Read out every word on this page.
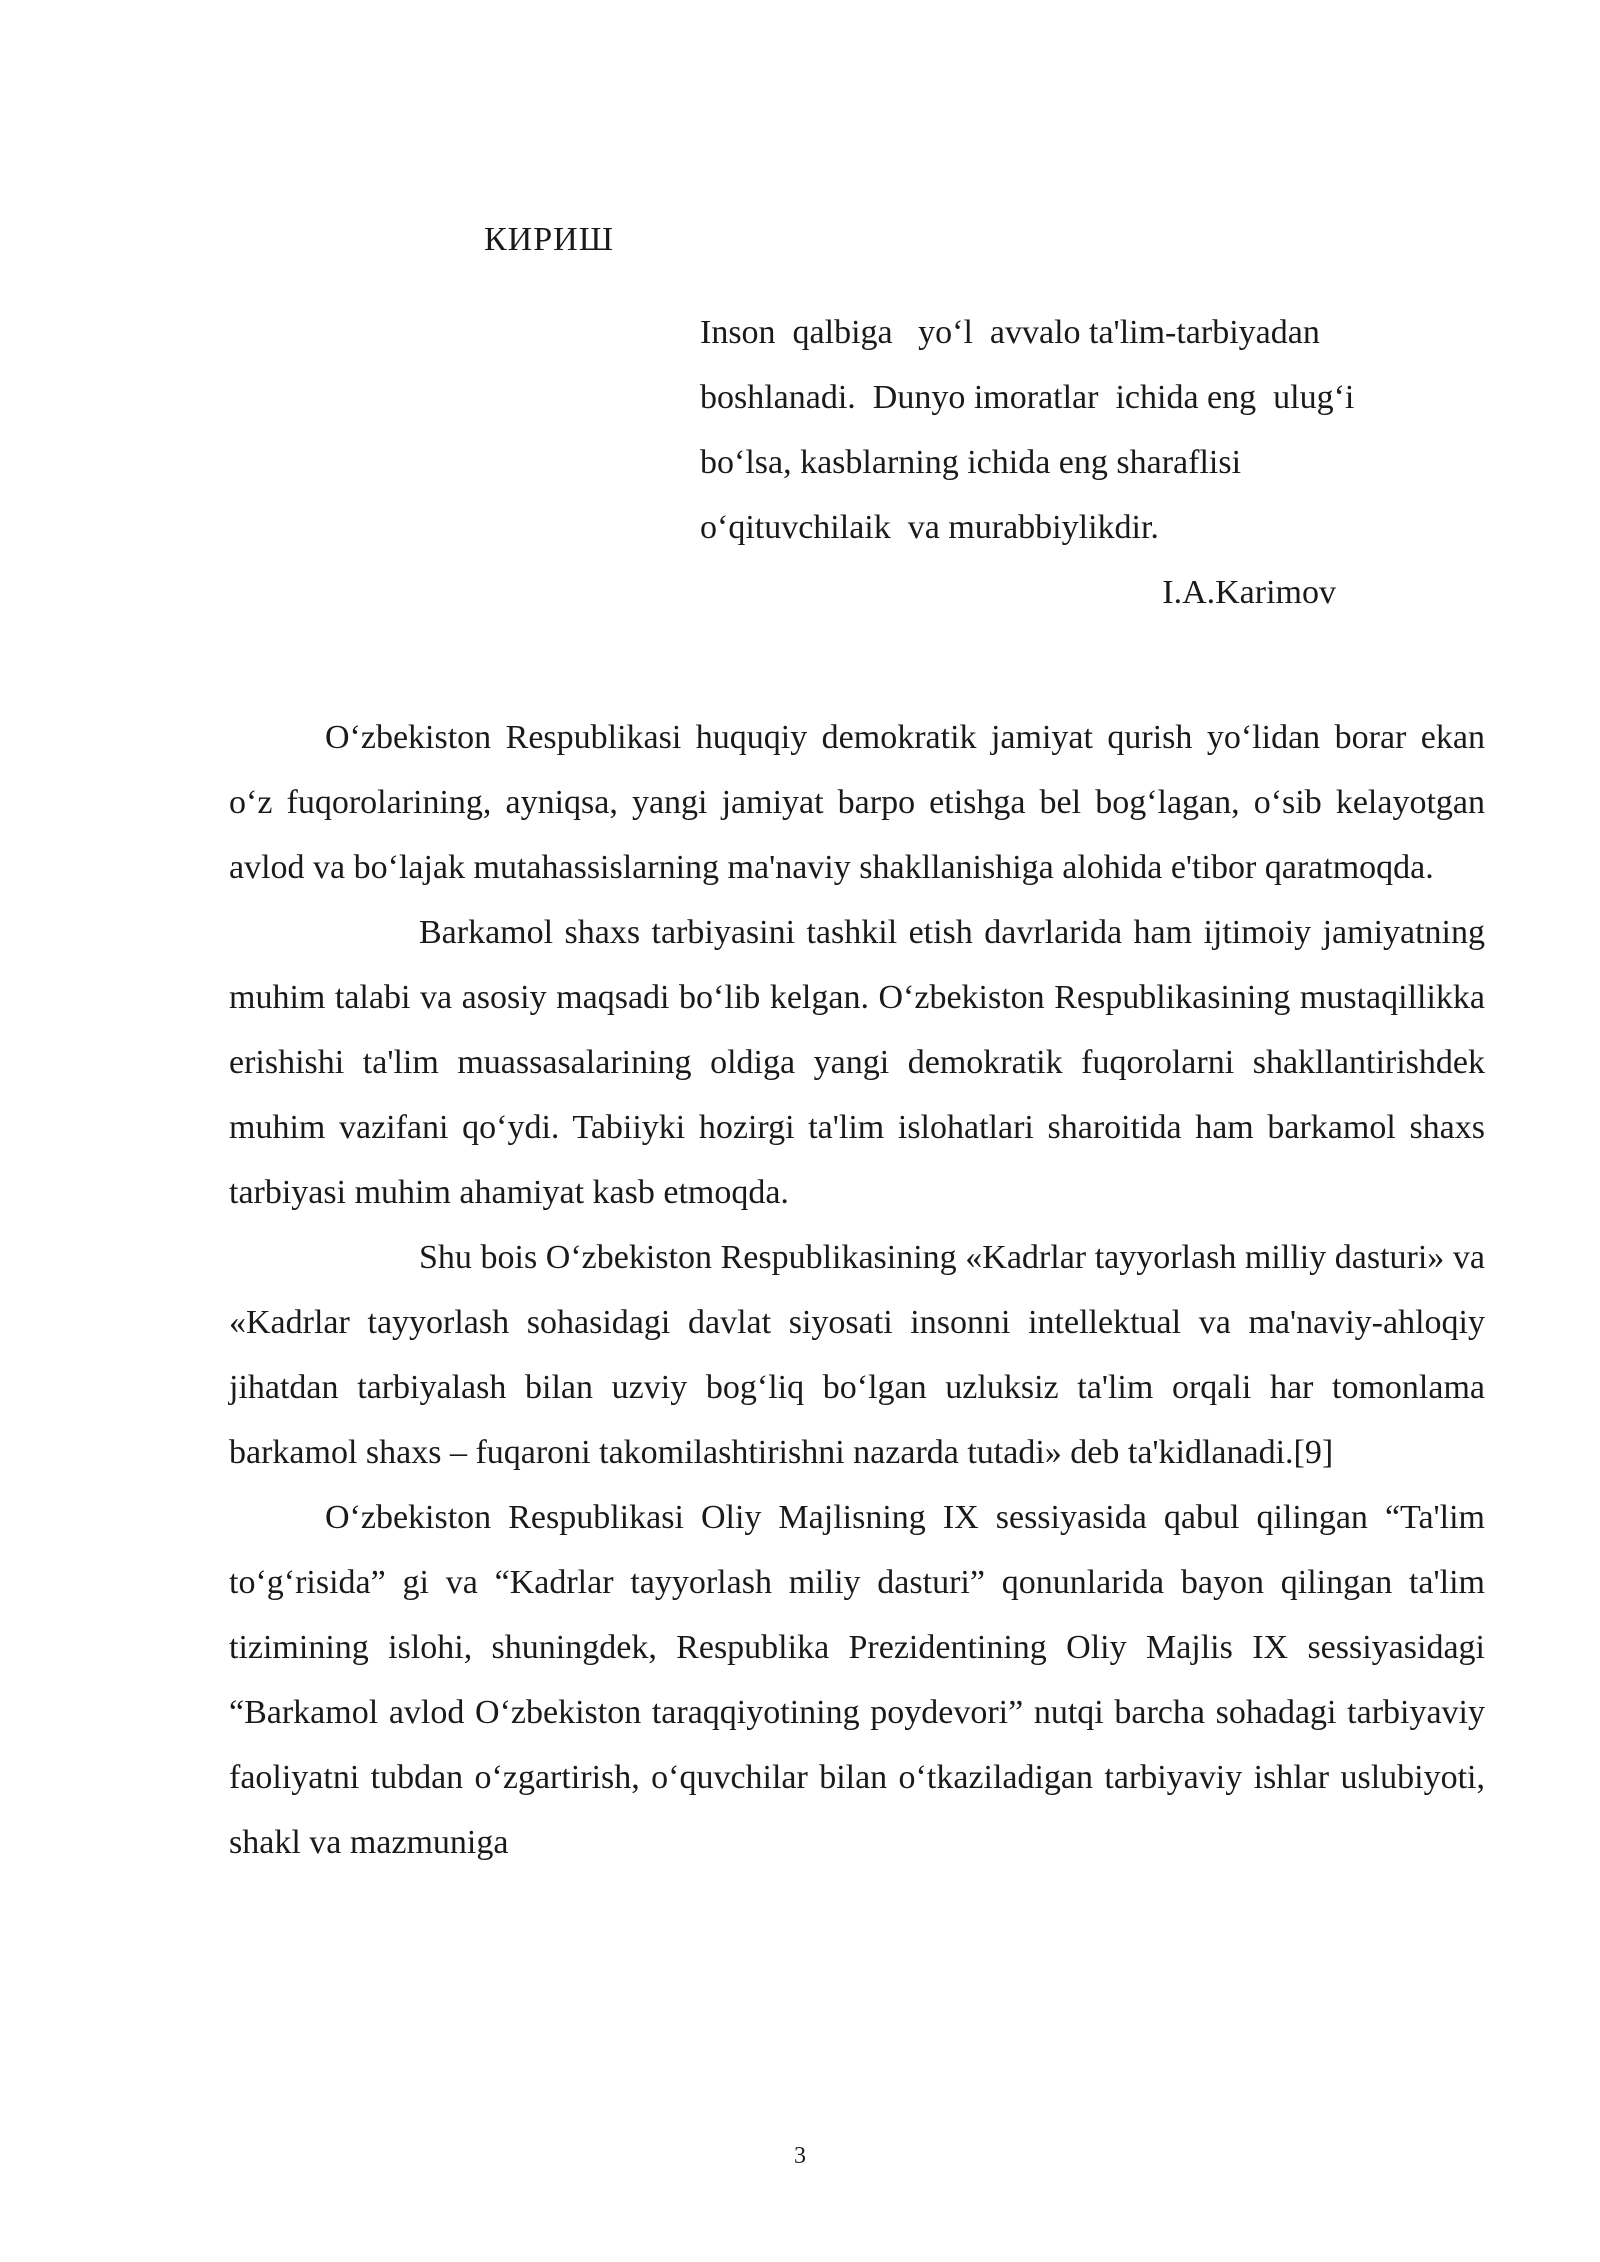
КИРИШ
Inson  qalbiga   yo‘l  avvalo ta'lim-tarbiyadan
boshlanadi.  Dunyo imoratlar  ichida eng  ulug‘i
bo‘lsa, kasblarning ichida eng sharaflisi
o‘qituvchilaik  va murabbiylikdir.
I.A.Karimov

O‘zbekiston Respublikasi huquqiy demokratik jamiyat qurish yo‘lidan borar ekan o‘z fuqorolarining, ayniqsa, yangi jamiyat barpo etishga bel bog‘lagan, o‘sib kelayotgan avlod va bo‘lajak mutahassislarning ma'naviy shakllanishiga alohida e'tibor qaratmoqda.

Barkamol shaxs tarbiyasini tashkil etish davrlarida ham ijtimoiy jamiyatning muhim talabi va asosiy maqsadi bo‘lib kelgan. O‘zbekiston Respublikasining mustaqillikka erishishi ta'lim muassasalarining oldiga yangi demokratik fuqorolarni shakllantirishdek muhim vazifani qo‘ydi. Tabiiyki hozirgi ta'lim islohatlari sharoitida ham barkamol shaxs tarbiyasi muhim ahamiyat kasb etmoqda.

Shu bois O‘zbekiston Respublikasining «Kadrlar tayyorlash milliy dasturi» va «Kadrlar tayyorlash sohasidagi davlat siyosati insonni intellektual va ma'naviy-ahloqiy jihatdan tarbiyalash bilan uzviy bog‘liq bo‘lgan uzluksiz ta'lim orqali har tomonlama barkamol shaxs – fuqaroni takomilashtirishni nazarda tutadi» deb ta'kidlanadi.[9]

O‘zbekiston Respublikasi Oliy Majlisning IX sessiyasida qabul qilingan “Ta'lim to‘g‘risida” gi va “Kadrlar tayyorlash miliy dasturi” qonunlarida bayon qilingan ta'lim tizimining islohi, shuningdek, Respublika Prezidentining Oliy Majlis IX sessiyasidagi “Barkamol avlod O‘zbekiston taraqqiyotining poydevori” nutqi barcha sohadagi tarbiyaviy faoliyatni tubdan o‘zgartirish, o‘quvchilar bilan o‘tkaziladigan tarbiyaviy ishlar uslubiyoti, shakl va mazmuniga

3
